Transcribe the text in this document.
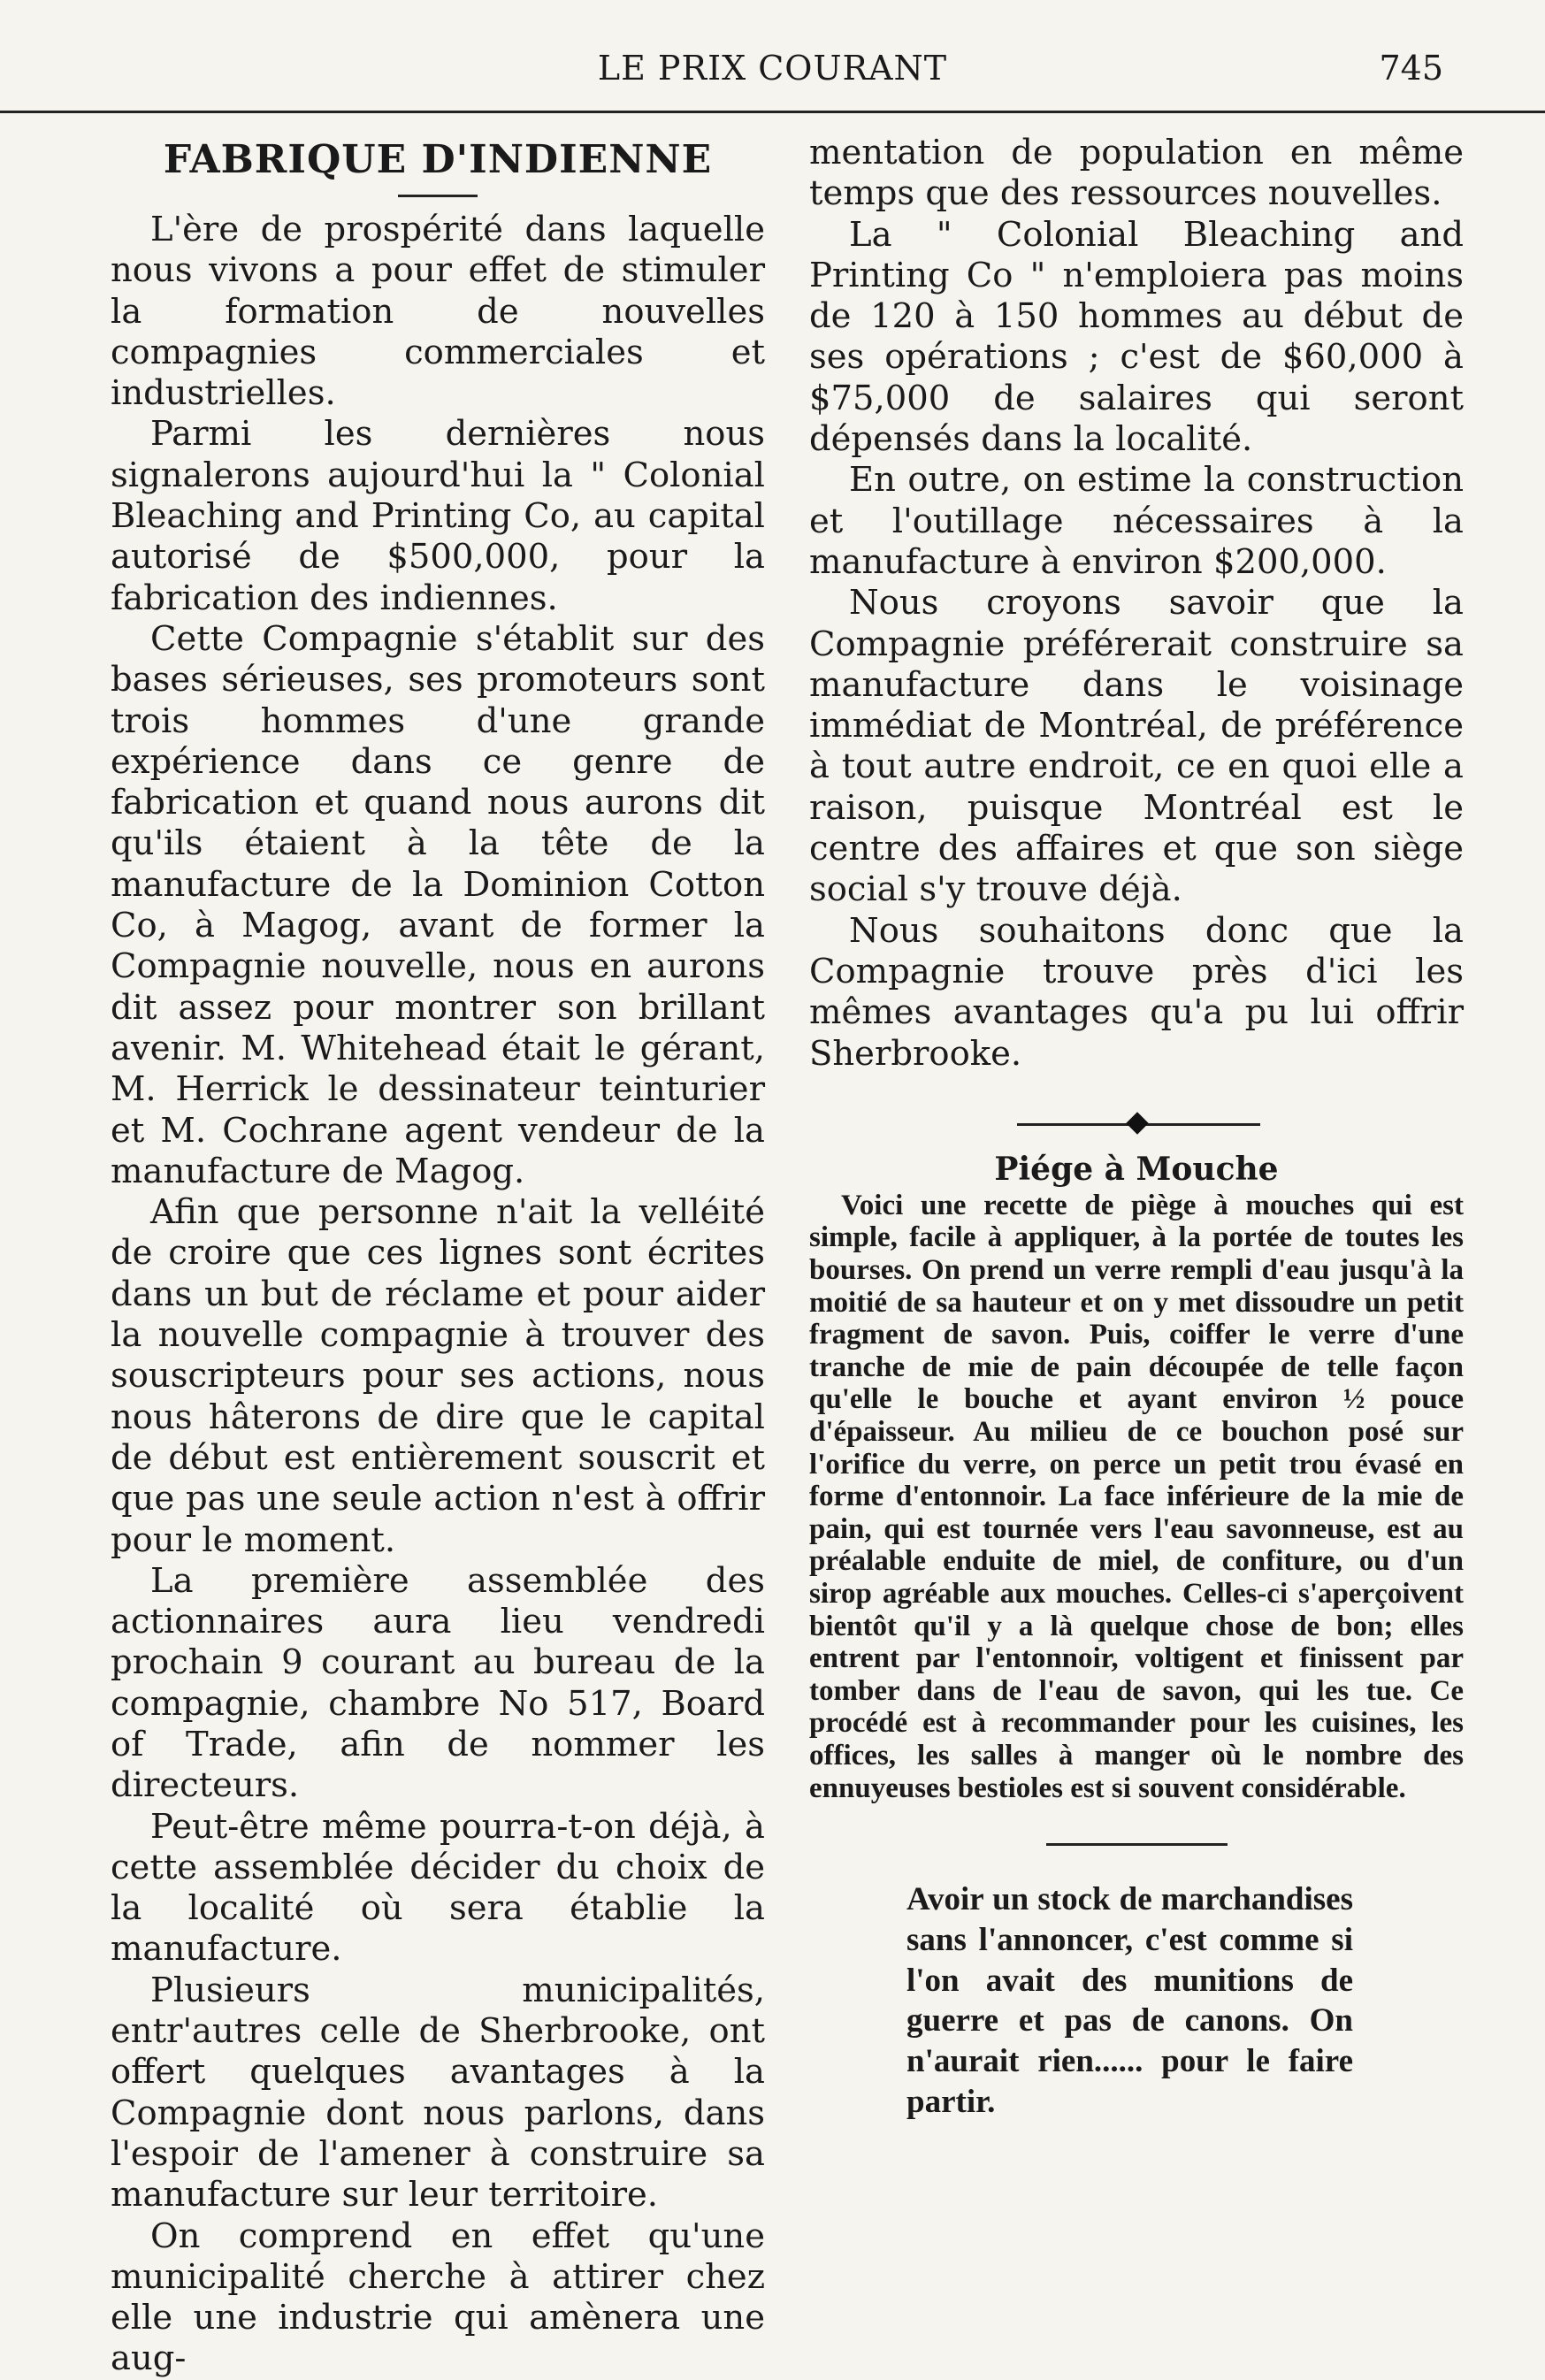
LE PRIX COURANT	745
FABRIQUE D'INDIENNE

L'ère de prospérité dans laquelle nous vivons a pour effet de stimuler la formation de nouvelles compagnies commerciales et industrielles.

Parmi les dernières nous signalerons aujourd'hui la " Colonial Bleaching and Printing Co, au capital autorisé de $500,000, pour la fabrication des indiennes.

Cette Compagnie s'établit sur des bases sérieuses, ses promoteurs sont trois hommes d'une grande expérience dans ce genre de fabrication et quand nous aurons dit qu'ils étaient à la tête de la manufacture de la Dominion Cotton Co, à Magog, avant de former la Compagnie nouvelle, nous en aurons dit assez pour montrer son brillant avenir. M. Whitehead était le gérant, M. Herrick le dessinateur teinturier et M. Cochrane agent vendeur de la manufacture de Magog.

Afin que personne n'ait la velléité de croire que ces lignes sont écrites dans un but de réclame et pour aider la nouvelle compagnie à trouver des souscripteurs pour ses actions, nous nous hâterons de dire que le capital de début est entièrement souscrit et que pas une seule action n'est à offrir pour le moment.

La première assemblée des actionnaires aura lieu vendredi prochain 9 courant au bureau de la compagnie, chambre No 517, Board of Trade, afin de nommer les directeurs.

Peut-être même pourra-t-on déjà, à cette assemblée décider du choix de la localité où sera établie la manufacture.

Plusieurs municipalités, entr'autres celle de Sherbrooke, ont offert quelques avantages à la Compagnie dont nous parlons, dans l'espoir de l'amener à construire sa manufacture sur leur territoire.

On comprend en effet qu'une municipalité cherche à attirer chez elle une industrie qui amènera une aug-

mentation de population en même temps que des ressources nouvelles.

La " Colonial Bleaching and Printing Co " n'emploiera pas moins de 120 à 150 hommes au début de ses opérations ; c'est de $60,000 à $75,000 de salaires qui seront dépensés dans la localité.

En outre, on estime la construction et l'outillage nécessaires à la manufacture à environ $200,000.

Nous croyons savoir que la Compagnie préférerait construire sa manufacture dans le voisinage immédiat de Montréal, de préférence à tout autre endroit, ce en quoi elle a raison, puisque Montréal est le centre des affaires et que son siège social s'y trouve déjà.

Nous souhaitons donc que la Compagnie trouve près d'ici les mêmes avantages qu'a pu lui offrir Sherbrooke.

Piége à Mouche

Voici une recette de piège à mouches qui est simple, facile à appliquer, à la portée de toutes les bourses. On prend un verre rempli d'eau jusqu'à la moitié de sa hauteur et on y met dissoudre un petit fragment de savon. Puis, coiffer le verre d'une tranche de mie de pain découpée de telle façon qu'elle le bouche et ayant environ ½ pouce d'épaisseur. Au milieu de ce bouchon posé sur l'orifice du verre, on perce un petit trou évasé en forme d'entonnoir. La face inférieure de la mie de pain, qui est tournée vers l'eau savonneuse, est au préalable enduite de miel, de confiture, ou d'un sirop agréable aux mouches. Celles-ci s'aperçoivent bientôt qu'il y a là quelque chose de bon; elles entrent par l'entonnoir, voltigent et finissent par tomber dans de l'eau de savon, qui les tue. Ce procédé est à recommander pour les cuisines, les offices, les salles à manger où le nombre des ennuyeuses bestioles est si souvent considérable.

Avoir un stock de marchandises sans l'annoncer, c'est comme si l'on avait des munitions de guerre et pas de canons. On n'aurait rien...... pour le faire partir.
